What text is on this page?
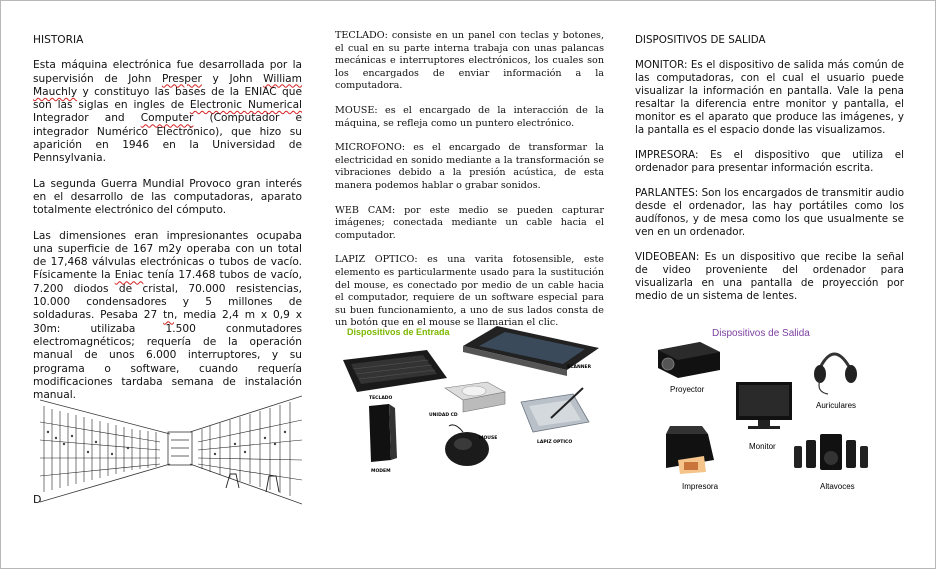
HISTORIA

Esta máquina electrónica fue desarrollada por la supervisión de John Presper y John William Mauchly y constituyo las bases de la ENIAC que son las siglas en ingles de Electronic Numerical Integrador and Computer (Computador e integrador Numérico Electrónico), que hizo su aparición en 1946 en la Universidad de Pennsylvania.

La segunda Guerra Mundial Provoco gran interés en el desarrollo de las computadoras, aparato totalmente electrónico del cómputo.

Las dimensiones eran impresionantes ocupaba una superficie de 167 m2y operaba con un total de 17,468 válvulas electrónicas o tubos de vacío. Físicamente la Eniac tenía 17.468 tubos de vacío, 7.200 diodos de cristal, 70.000 resistencias, 10.000 condensadores y 5 millones de soldaduras. Pesaba 27 tn, media 2,4 m x 0,9 x 30m: utilizaba 1.500 conmutadores electromagnéticos; requería de la operación manual de unos 6.000 interruptores, y su programa o software, cuando requería modificaciones tardaba semana de instalación manual.

D

TECLADO: consiste en un panel con teclas y botones, el cual en su parte interna trabaja con unas palancas mecánicas e interruptores electrónicos, los cuales son los encargados de enviar información a la computadora.

MOUSE: es el encargado de la interacción de la máquina, se refleja como un puntero electrónico.

MICROFONO: es el encargado de transformar la electricidad en sonido mediante a la transformación se vibraciones debido a la presión acústica, de esta manera podemos hablar o grabar sonidos.

WEB CAM: por este medio se pueden capturar imágenes; conectada mediante un cable hacia el computador.

LAPIZ OPTICO: es una varita fotosensible, este elemento es particularmente usado para la sustitución del mouse, es conectado por medio de un cable hacia el computador, requiere de un software especial para su buen funcionamiento, a uno de sus lados consta de un botón que en el mouse se llamarian el clic.

Dispositivos de Entrada
TECLADO
SCANNER
UNIDAD CD
LAPIZ OPTICO
MODEM
MOUSE
DISPOSITIVOS DE SALIDA

MONITOR: Es el dispositivo de salida más común de las computadoras, con el cual el usuario puede visualizar la información en pantalla. Vale la pena resaltar la diferencia entre monitor y pantalla, el monitor es el aparato que produce las imágenes, y la pantalla es el espacio donde las visualizamos.

IMPRESORA: Es el dispositivo que utiliza el ordenador para presentar información escrita.

PARLANTES: Son los encargados de transmitir audio desde el ordenador, las hay portátiles como los audífonos, y de mesa como los que usualmente se ven en un ordenador.

VIDEOBEAN: Es un dispositivo que recibe la señal de video proveniente del ordenador para visualizarla en una pantalla de proyección por medio de un sistema de lentes.

Dispositivos de Salida
Proyector
Auriculares
Monitor
Impresora	Altavoces
